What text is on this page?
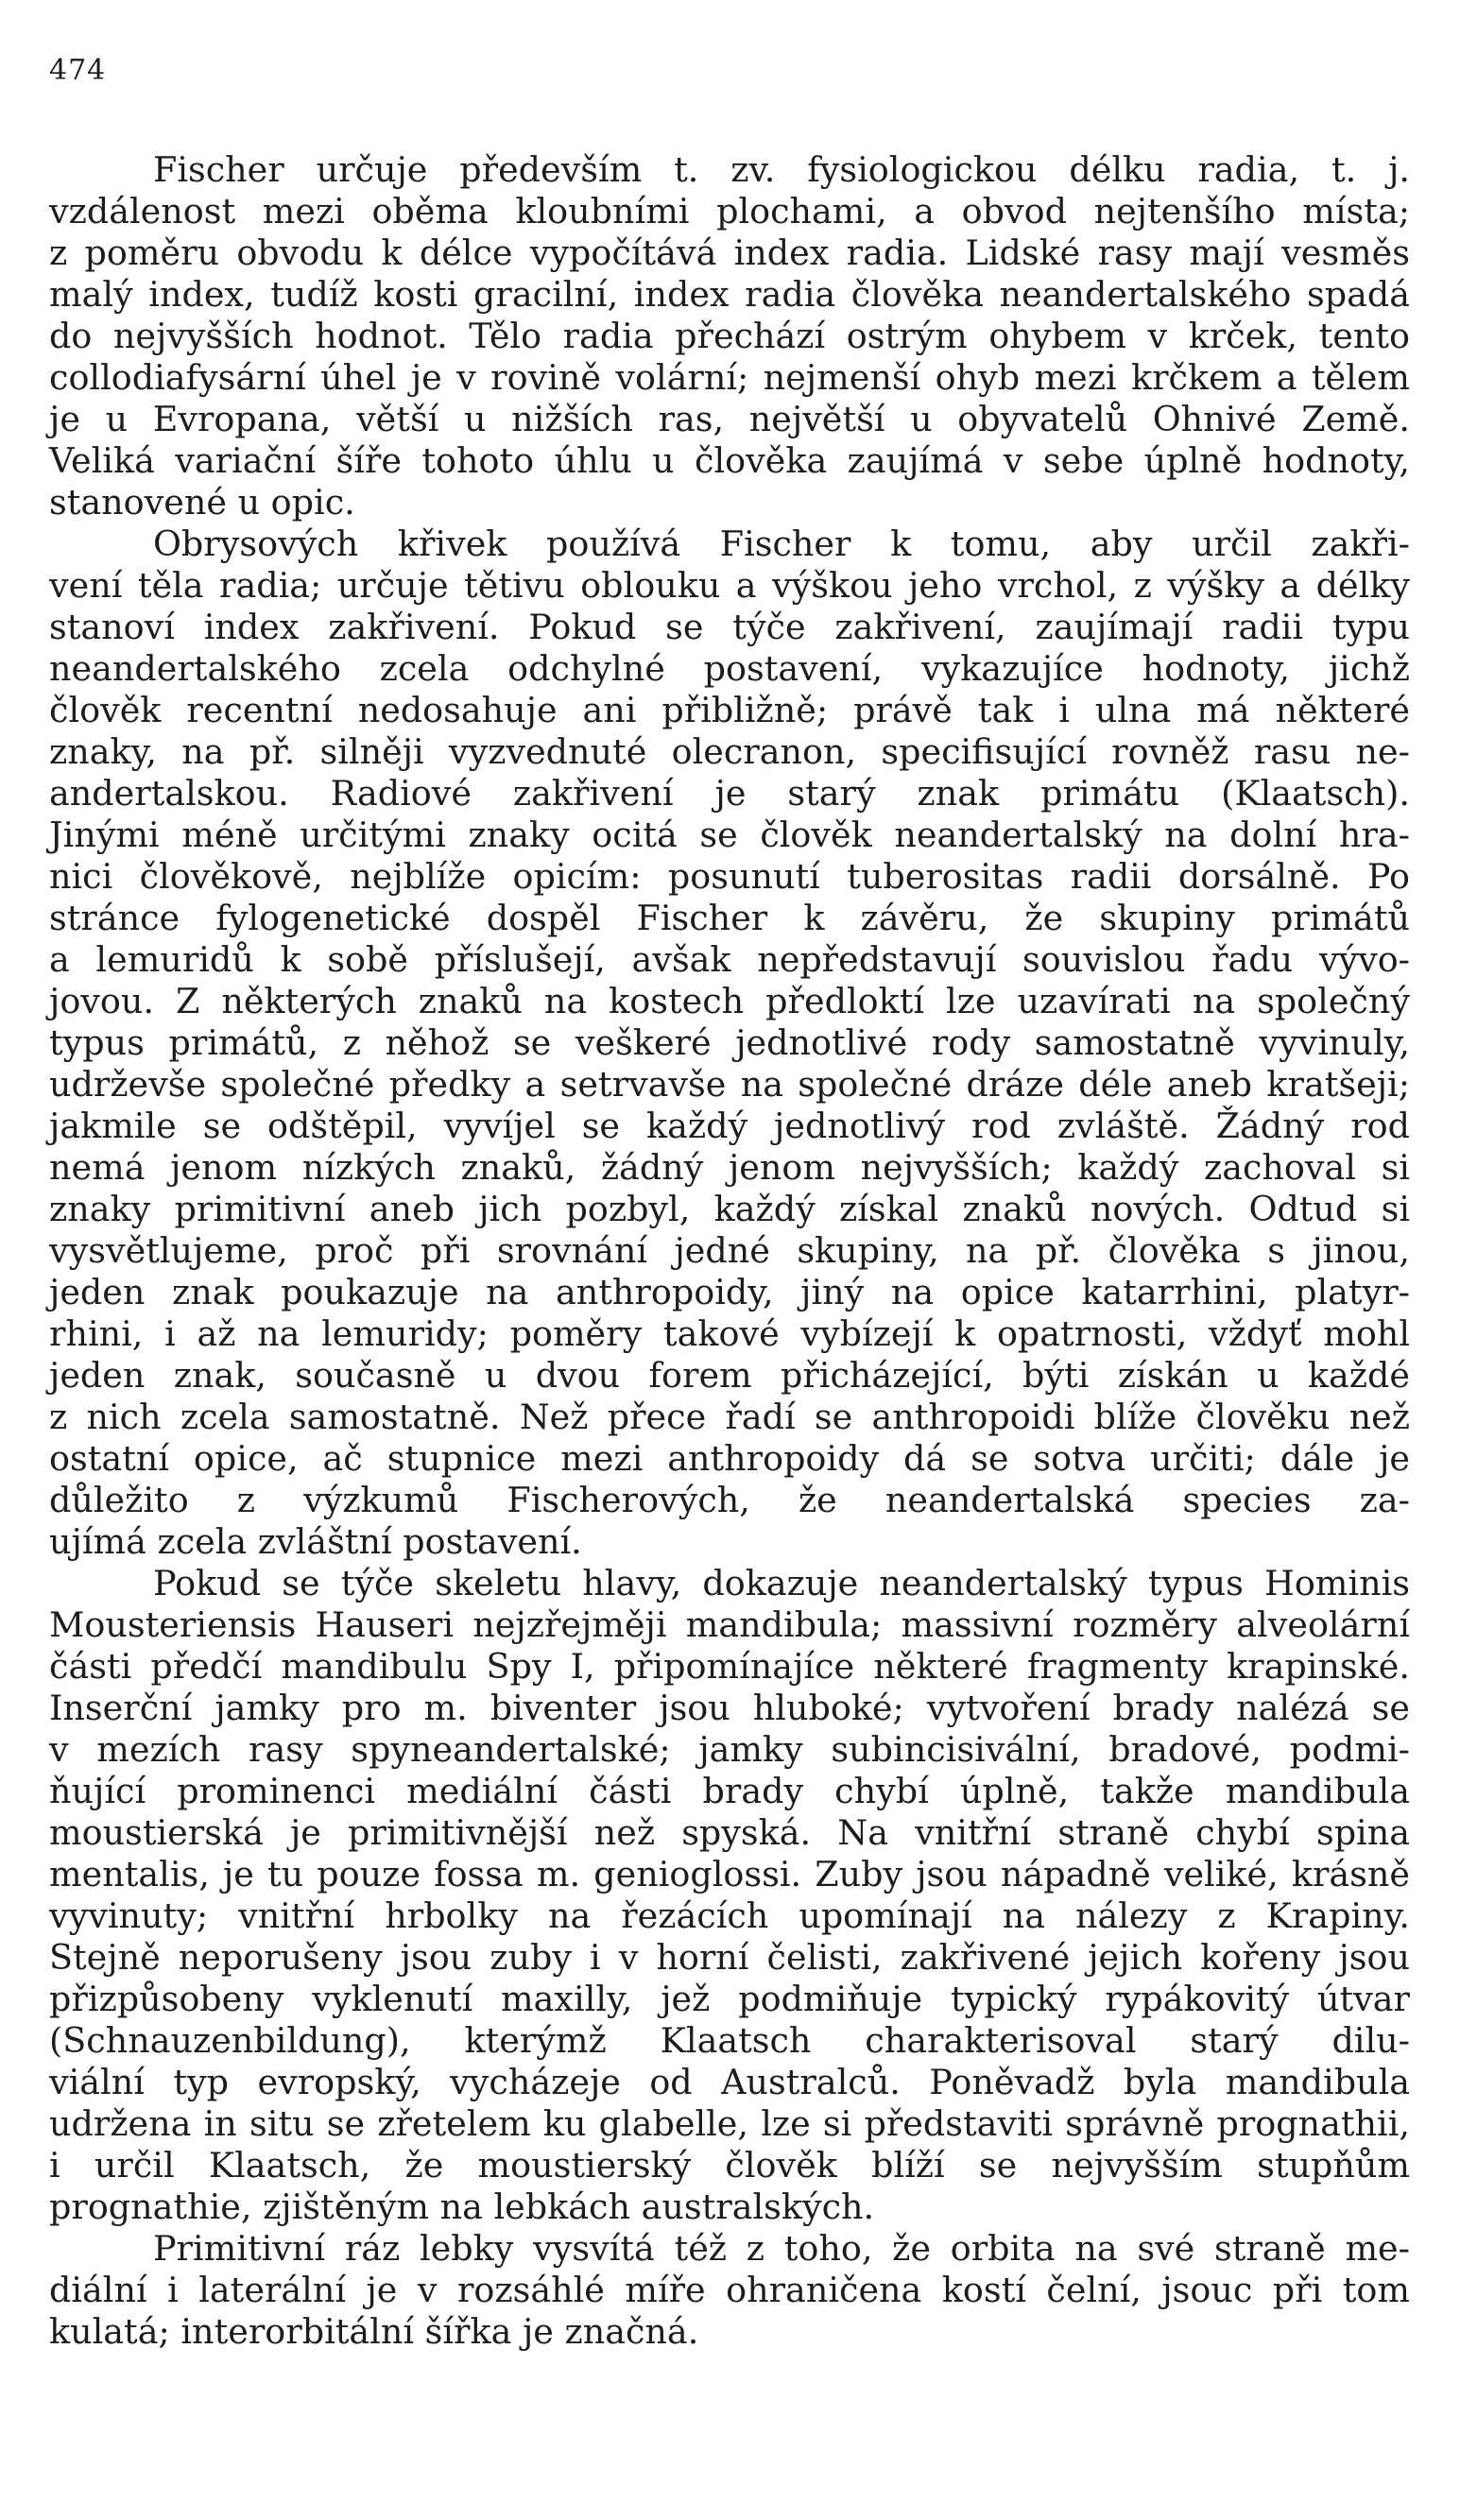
474
Fischer určuje především t. zv. fysiologickou délku radia, t. j.
vzdálenost mezi oběma kloubními plochami, a obvod nejtenšího místa;
z poměru obvodu k délce vypočítává index radia. Lidské rasy mají vesměs
malý index, tudíž kosti gracilní, index radia člověka neandertalského spadá
do nejvyšších hodnot. Tělo radia přechází ostrým ohybem v krček, tento
collodiafysární úhel je v rovině volární; nejmenší ohyb mezi krčkem a tělem
je u Evropana, větší u nižších ras, největší u obyvatelů Ohnivé Země.
Veliká variační šíře tohoto úhlu u člověka zaujímá v sebe úplně hodnoty,
stanovené u opic.
Obrysových křivek používá Fischer k tomu, aby určil zakři-
vení těla radia; určuje tětivu oblouku a výškou jeho vrchol, z výšky a délky
stanoví index zakřivení. Pokud se týče zakřivení, zaujímají radii typu
neandertalského zcela odchylné postavení, vykazujíce hodnoty, jichž
člověk recentní nedosahuje ani přibližně; právě tak i ulna má některé
znaky, na př. silněji vyzvednuté olecranon, specifisující rovněž rasu ne-
andertalskou. Radiové zakřivení je starý znak primátu (Klaatsch).
Jinými méně určitými znaky ocitá se člověk neandertalský na dolní hra-
nici člověkově, nejblíže opicím: posunutí tuberositas radii dorsálně. Po
stránce fylogenetické dospěl Fischer k závěru, že skupiny primátů
a lemuridů k sobě příslušejí, avšak nepředstavují souvislou řadu vývo-
jovou. Z některých znaků na kostech předloktí lze uzavírati na společný
typus primátů, z něhož se veškeré jednotlivé rody samostatně vyvinuly,
udrževše společné předky a setrvavše na společné dráze déle aneb kratšeji;
jakmile se odštěpil, vyvíjel se každý jednotlivý rod zvláště. Žádný rod
nemá jenom nízkých znaků, žádný jenom nejvyšších; každý zachoval si
znaky primitivní aneb jich pozbyl, každý získal znaků nových. Odtud si
vysvětlujeme, proč při srovnání jedné skupiny, na př. člověka s jinou,
jeden znak poukazuje na anthropoidy, jiný na opice katarrhini, platyr-
rhini, i až na lemuridy; poměry takové vybízejí k opatrnosti, vždyť mohl
jeden znak, současně u dvou forem přicházející, býti získán u každé
z nich zcela samostatně. Než přece řadí se anthropoidi blíže člověku než
ostatní opice, ač stupnice mezi anthropoidy dá se sotva určiti; dále je
důležito z výzkumů Fischerových, že neandertalská species za-
ujímá zcela zvláštní postavení.
Pokud se týče skeletu hlavy, dokazuje neandertalský typus Hominis
Mousteriensis Hauseri nejzřejměji mandibula; massivní rozměry alveolární
části předčí mandibulu Spy I, připomínajíce některé fragmenty krapinské.
Inserční jamky pro m. biventer jsou hluboké; vytvoření brady nalézá se
v mezích rasy spyneandertalské; jamky subincisivální, bradové, podmi-
ňující prominenci mediální části brady chybí úplně, takže mandibula
moustierská je primitivnější než spyská. Na vnitřní straně chybí spina
mentalis, je tu pouze fossa m. genioglossi. Zuby jsou nápadně veliké, krásně
vyvinuty; vnitřní hrbolky na řezácích upomínají na nálezy z Krapiny.
Stejně neporušeny jsou zuby i v horní čelisti, zakřivené jejich kořeny jsou
přizpůsobeny vyklenutí maxilly, jež podmiňuje typický rypákovitý útvar
(Schnauzenbildung), kterýmž Klaatsch charakterisoval starý dilu-
viální typ evropský, vycházeje od Australců. Poněvadž byla mandibula
udržena in situ se zřetelem ku glabelle, lze si představiti správně prognathii,
i určil Klaatsch, že moustierský člověk blíží se nejvyšším stupňům
prognathie, zjištěným na lebkách australských.
Primitivní ráz lebky vysvítá též z toho, že orbita na své straně me-
diální i laterální je v rozsáhlé míře ohraničena kostí čelní, jsouc při tom
kulatá; interorbitální šířka je značná.
